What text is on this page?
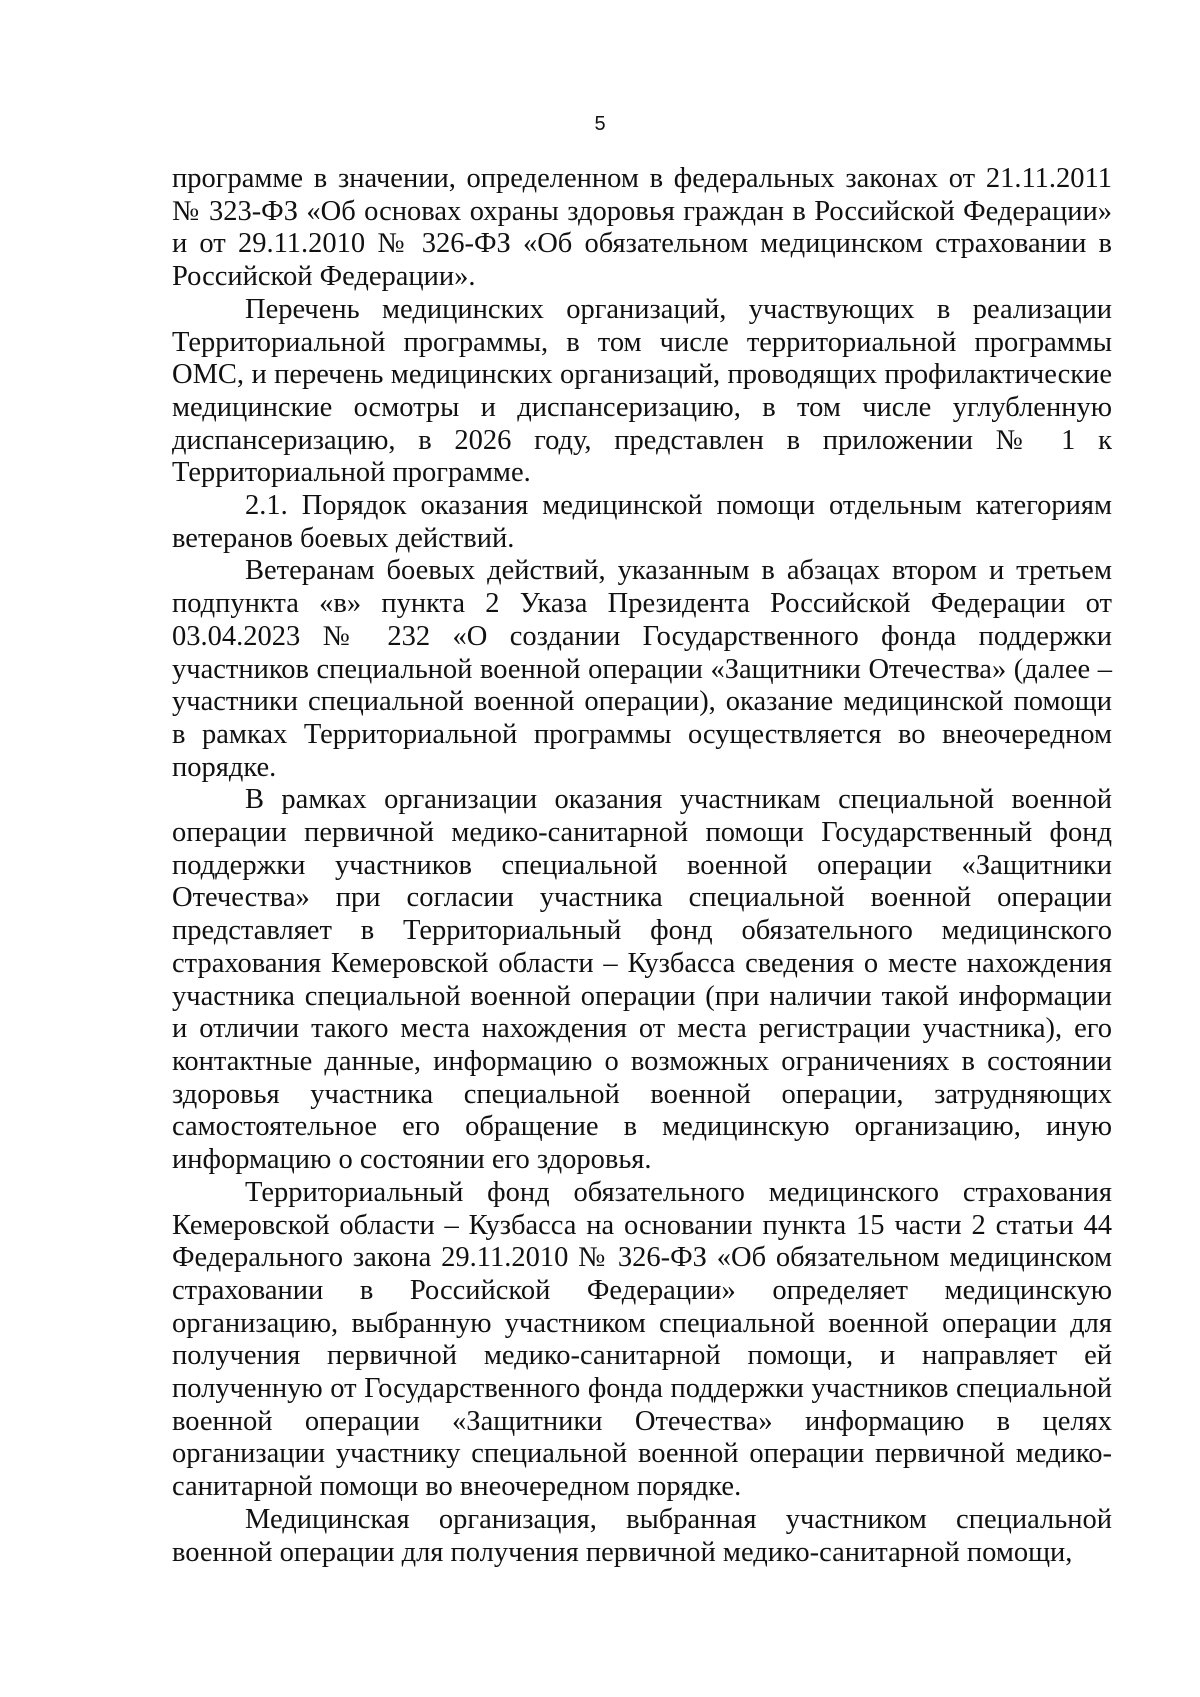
5

программе в значении, определенном в федеральных законах от 21.11.2011 № 323-ФЗ «Об основах охраны здоровья граждан в Российской Федерации» и от 29.11.2010 № 326-ФЗ «Об обязательном медицинском страховании в Российской Федерации».

Перечень медицинских организаций, участвующих в реализации Территориальной программы, в том числе территориальной программы ОМС, и перечень медицинских организаций, проводящих профилактические медицинские осмотры и диспансеризацию, в том числе углубленную диспансеризацию, в 2026 году, представлен в приложении № 1 к Территориальной программе.

2.1. Порядок оказания медицинской помощи отдельным категориям ветеранов боевых действий.

Ветеранам боевых действий, указанным в абзацах втором и третьем подпункта «в» пункта 2 Указа Президента Российской Федерации от 03.04.2023 № 232 «О создании Государственного фонда поддержки участников специальной военной операции «Защитники Отечества» (далее – участники специальной военной операции), оказание медицинской помощи в рамках Территориальной программы осуществляется во внеочередном порядке.

В рамках организации оказания участникам специальной военной операции первичной медико-санитарной помощи Государственный фонд поддержки участников специальной военной операции «Защитники Отечества» при согласии участника специальной военной операции представляет в Территориальный фонд обязательного медицинского страхования Кемеровской области – Кузбасса сведения о месте нахождения участника специальной военной операции (при наличии такой информации и отличии такого места нахождения от места регистрации участника), его контактные данные, информацию о возможных ограничениях в состоянии здоровья участника специальной военной операции, затрудняющих самостоятельное его обращение в медицинскую организацию, иную информацию о состоянии его здоровья.

Территориальный фонд обязательного медицинского страхования Кемеровской области – Кузбасса на основании пункта 15 части 2 статьи 44 Федерального закона 29.11.2010 № 326-ФЗ «Об обязательном медицинском страховании в Российской Федерации» определяет медицинскую организацию, выбранную участником специальной военной операции для получения первичной медико-санитарной помощи, и направляет ей полученную от Государственного фонда поддержки участников специальной военной операции «Защитники Отечества» информацию в целях организации участнику специальной военной операции первичной медико-санитарной помощи во внеочередном порядке.

Медицинская организация, выбранная участником специальной военной операции для получения первичной медико-санитарной помощи,
